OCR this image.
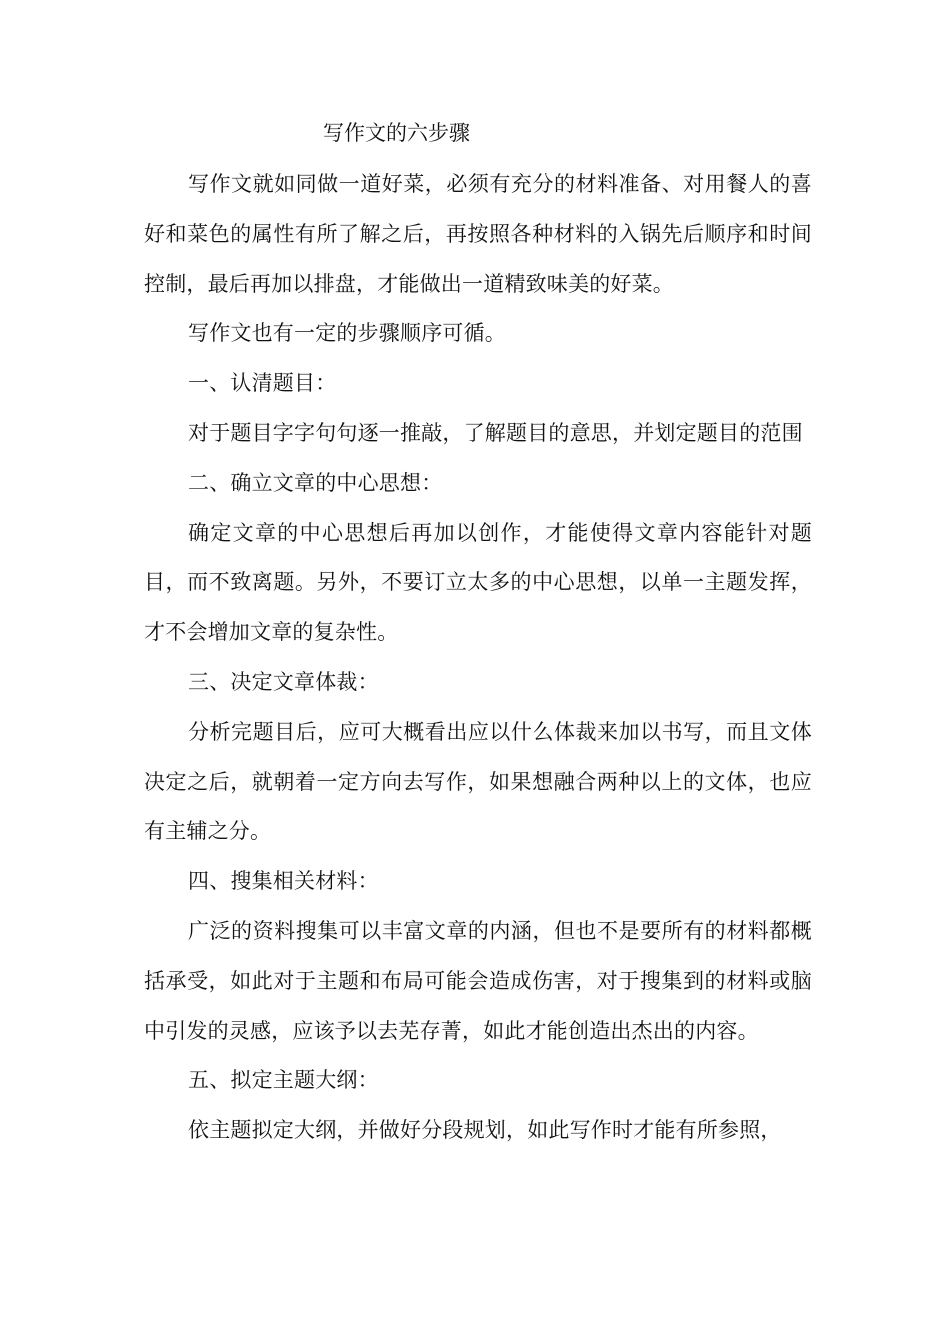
写作文的六步骤

写作文就如同做一道好菜，必须有充分的材料准备、对用餐人的喜好和菜色的属性有所了解之后，再按照各种材料的入锅先后顺序和时间控制，最后再加以排盘，才能做出一道精致味美的好菜。

写作文也有一定的步骤顺序可循。

一、认清题目：

对于题目字字句句逐一推敲，了解题目的意思，并划定题目的范围

二、确立文章的中心思想：

确定文章的中心思想后再加以创作，才能使得文章内容能针对题目，而不致离题。另外，不要订立太多的中心思想，以单一主题发挥，才不会增加文章的复杂性。

三、决定文章体裁：

分析完题目后，应可大概看出应以什么体裁来加以书写，而且文体决定之后，就朝着一定方向去写作，如果想融合两种以上的文体，也应有主辅之分。

四、搜集相关材料：

广泛的资料搜集可以丰富文章的内涵，但也不是要所有的材料都概括承受，如此对于主题和布局可能会造成伤害，对于搜集到的材料或脑中引发的灵感，应该予以去芜存菁，如此才能创造出杰出的内容。

五、拟定主题大纲：

依主题拟定大纲，并做好分段规划，如此写作时才能有所参照，
